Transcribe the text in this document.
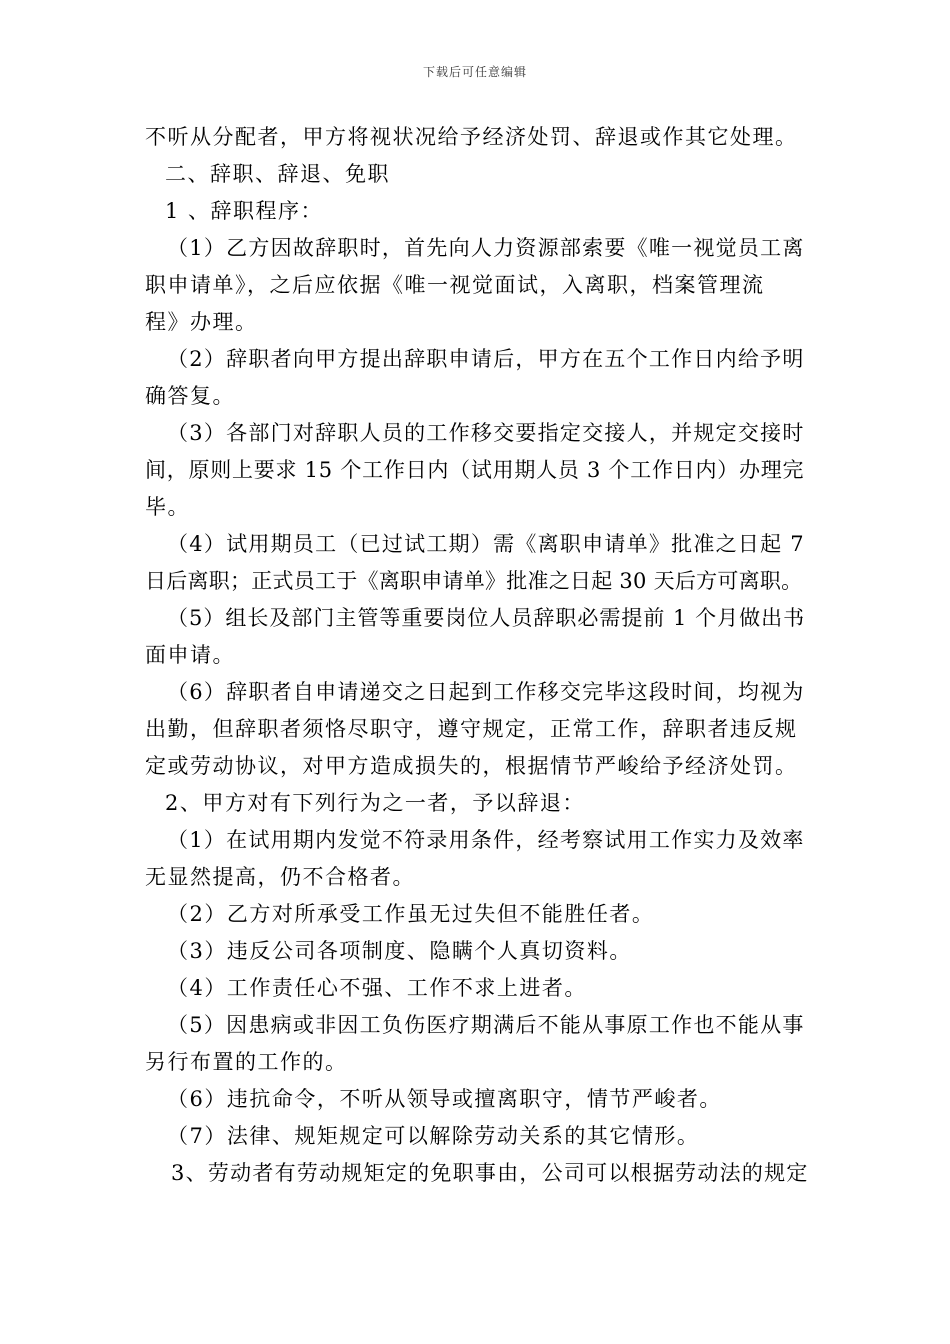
下载后可任意编辑
不听从分配者，甲方将视状况给予经济处罚、辞退或作其它处理。
二、辞职、辞退、免职
1 、辞职程序：
（1）乙方因故辞职时，首先向人力资源部索要《唯一视觉员工离
职申请单》，之后应依据《唯一视觉面试，入离职，档案管理流
程》办理。
（2）辞职者向甲方提出辞职申请后，甲方在五个工作日内给予明
确答复。
（3）各部门对辞职人员的工作移交要指定交接人，并规定交接时
间，原则上要求 15 个工作日内（试用期人员 3 个工作日内）办理完
毕。
（4）试用期员工（已过试工期）需《离职申请单》批准之日起 7
日后离职；正式员工于《离职申请单》批准之日起 30 天后方可离职。
（5）组长及部门主管等重要岗位人员辞职必需提前 1 个月做出书
面申请。
（6）辞职者自申请递交之日起到工作移交完毕这段时间，均视为
出勤，但辞职者须恪尽职守，遵守规定，正常工作，辞职者违反规
定或劳动协议，对甲方造成损失的，根据情节严峻给予经济处罚。
2、甲方对有下列行为之一者，予以辞退：
（1）在试用期内发觉不符录用条件，经考察试用工作实力及效率
无显然提高，仍不合格者。
（2）乙方对所承受工作虽无过失但不能胜任者。
（3）违反公司各项制度、隐瞒个人真切资料。
（4）工作责任心不强、工作不求上进者。
（5）因患病或非因工负伤医疗期满后不能从事原工作也不能从事
另行布置的工作的。
（6）违抗命令，不听从领导或擅离职守，情节严峻者。
（7）法律、规矩规定可以解除劳动关系的其它情形。
3、劳动者有劳动规矩定的免职事由，公司可以根据劳动法的规定
